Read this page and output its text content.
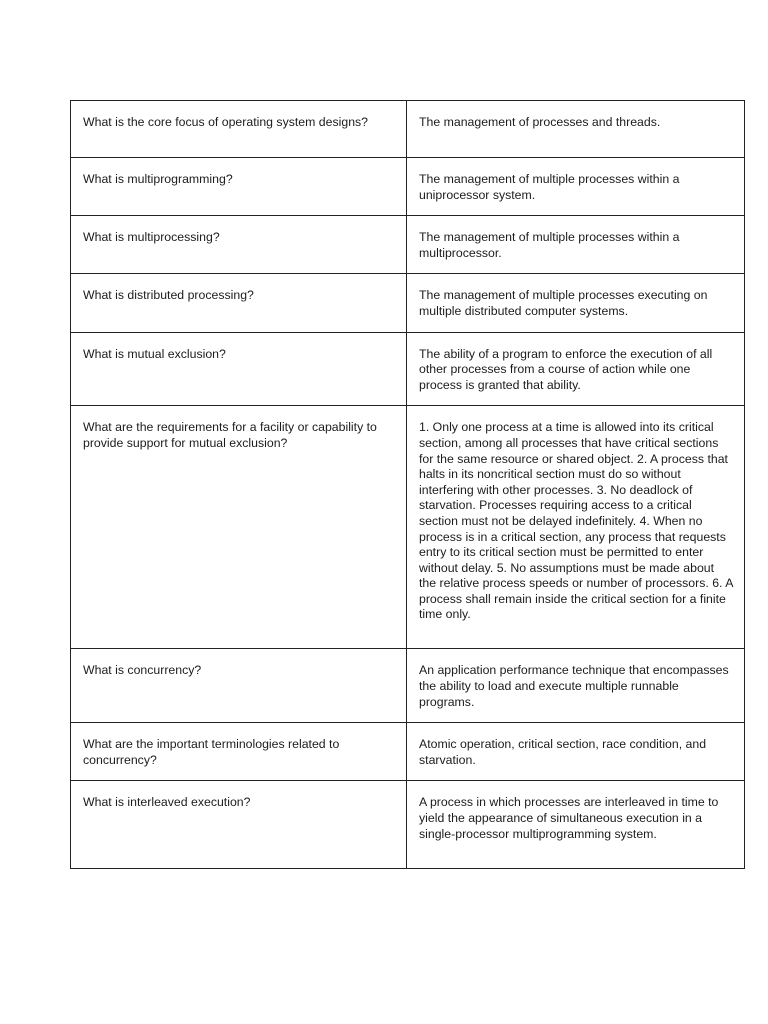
What is the core focus of operating system designs?	The management of processes and threads.
What is multiprogramming?	The management of multiple processes within a uniprocessor system.
What is multiprocessing?	The management of multiple processes within a multiprocessor.
What is distributed processing?	The management of multiple processes executing on multiple distributed computer systems.
What is mutual exclusion?	The ability of a program to enforce the execution of all other processes from a course of action while one process is granted that ability.
What are the requirements for a facility or capability to provide support for mutual exclusion?	1. Only one process at a time is allowed into its critical section, among all processes that have critical sections for the same resource or shared object. 2. A process that halts in its noncritical section must do so without interfering with other processes. 3. No deadlock of starvation. Processes requiring access to a critical section must not be delayed indefinitely. 4. When no process is in a critical section, any process that requests entry to its critical section must be permitted to enter without delay. 5. No assumptions must be made about the relative process speeds or number of processors. 6. A process shall remain inside the critical section for a finite time only.
What is concurrency?	An application performance technique that encompasses the ability to load and execute multiple runnable programs.
What are the important terminologies related to concurrency?	Atomic operation, critical section, race condition, and starvation.
What is interleaved execution?	A process in which processes are interleaved in time to yield the appearance of simultaneous execution in a single-processor multiprogramming system.
